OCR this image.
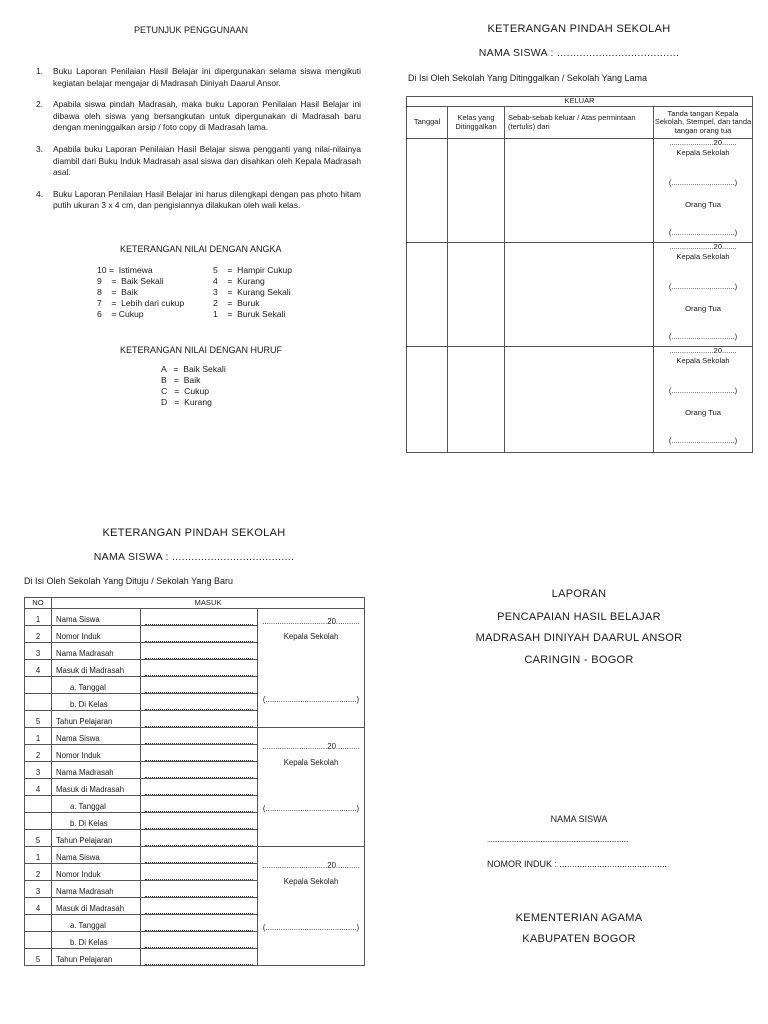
PETUNJUK PENGGUNAAN
1. Buku Laporan Penilaian Hasil Belajar ini dipergunakan selama siswa mengikuti kegiatan belajar mengajar di Madrasah Diniyah Daarul Ansor.
2. Apabila siswa pindah Madrasah, maka buku Laporan Penilaian Hasil Belajar ini dibawa oleh siswa yang bersangkutan untuk dipergunakan di Madrasah baru dengan meninggalkan arsip / foto copy di Madrasah lama.
3. Apabila buku Laporan Penilaian Hasil Belajar siswa pengganti yang nilai-nilainya diambil dari Buku Induk Madrasah asal siswa dan disahkan oleh Kepala Madrasah asal.
4. Buku Laporan Penilaian Hasil Belajar ini harus dilengkapi dengan pas photo hitam putih ukuran 3 x 4 cm, dan pengisiannya dilakukan oleh wali kelas.
KETERANGAN NILAI DENGAN ANGKA
10 =  Istimewa
9    =  Baik Sekali
8    =  Baik
7    =  Lebih dari cukup
6    = Cukup
5    =  Hampir Cukup
4    =  Kurang
3    =  Kurang Sekali
2    =  Buruk
1    =  Buruk Sekali
KETERANGAN NILAI DENGAN HURUF
A   =  Baik Sekali
B   =  Baik
C   =  Cukup
D   =  Kurang
KETERANGAN PINDAH SEKOLAH
NAMA SISWA : ......................................
Di Isi Oleh Sekolah Yang Ditinggalkan / Sekolah Yang Lama
KELUAR			
Tanggal	Kelas yang Ditinggalkan	Sebab-sebab keluar / Atas permintaan (tertulis) dari	Tanda tangan Kepala Sekolah, Stempel, dan tanda tangan orang tua

			.....................20.......
Kepala Sekolah
(..............................)
Orang Tua
(..............................)

			.....................20.......
Kepala Sekolah
(..............................)
Orang Tua
(..............................)

			.....................20.......
Kepala Sekolah
(..............................)
Orang Tua
(..............................)
KETERANGAN PINDAH SEKOLAH
NAMA SISWA : ......................................
Di Isi Oleh Sekolah Yang Dituju / Sekolah Yang Baru
NO	MASUK		
1	Nama Siswa		..............................20...........
Kepala Sekolah
(..........................................)

2	Nomor Induk		

3	Nama Madrasah		

4	Masuk di Madrasah		

	a. Tanggal		

	b. Di Kelas		

5	Tahun Pelajaran		

1	Nama Siswa		..............................20...........
Kepala Sekolah
(..........................................)

2	Nomor Induk		

3	Nama Madrasah		

4	Masuk di Madrasah		

	a. Tanggal		

	b. Di Kelas		

5	Tahun Pelajaran		

1	Nama Siswa		..............................20...........
Kepala Sekolah
(..........................................)

2	Nomor Induk		

3	Nama Madrasah		

4	Masuk di Madrasah		

	a. Tanggal		

	b. Di Kelas		

5	Tahun Pelajaran		
LAPORAN
PENCAPAIAN HASIL BELAJAR
MADRASAH DINIYAH DAARUL ANSOR
CARINGIN - BOGOR
NAMA SISWA
..................................................................................
NOMOR INDUK : ...........................................
KEMENTERIAN AGAMA
KABUPATEN BOGOR
